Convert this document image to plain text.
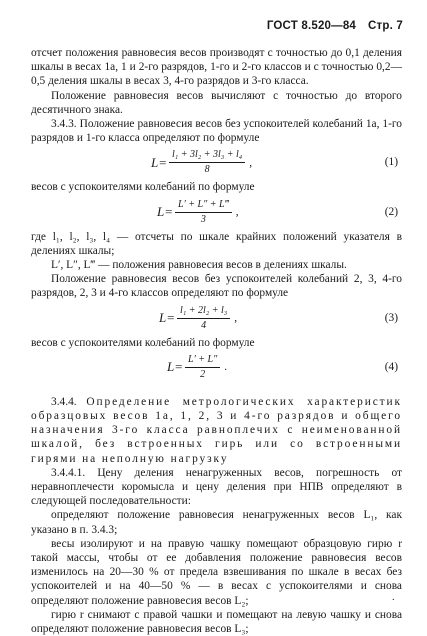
ГОСТ 8.520—84 Стр. 7

отсчет положения равновесия весов производят с точностью до 0,1 деления шкалы в весах 1а, 1 и 2-го разрядов, 1-го и 2-го классов и с точностью 0,2—0,5 деления шкалы в весах 3, 4-го разрядов и 3-го класса.

Положение равновесия весов вычисляют с точностью до второго десятичного знака.

3.4.3. Положение равновесия весов без успокоителей колебаний 1а, 1-го разрядов и 1-го класса определяют по формуле

$L= \frac{\text{l₁ + 3l₂ + 3l₃ + l₄}}{8}$ ,	(1)

весов с успокоителями колебаний по формуле

$L= \frac{L' + L'' + L‴}{3}$ ,	(2)

где l₁, l₂, l₃, l₄ — отсчеты по шкале крайних положений указателя в делениях шкалы;

L′, L″, L‴ — положения равновесия весов в делениях шкалы.

Положение равновесия весов без успокоителей колебаний 2, 3, 4-го разрядов, 2, 3 и 4-го классов определяют по формуле

$L= \frac{\text{l₁ + 2l₂ + l₃}}{4}$ ,	(3)

весов с успокоителями колебаний по формуле

$L= \frac{L' + L''}{2}$ .	(4)

3.4.4. Определение метрологических характеристик образцовых весов 1а, 1, 2, 3 и 4-го разрядов и общего назначения 3-го класса равноплечих с неименованной шкалой, без встроенных гирь или со встроенными гирями на неполную нагрузку

3.4.4.1. Цену деления ненагруженных весов, погрешность от неравноплечести коромысла и цену деления при НПВ определяют в следующей последовательности:

определяют положение равновесия ненагруженных весов L₁, как указано в п. 3.4.3;

весы изолируют и на правую чашку помещают образцовую гирю r такой массы, чтобы от ее добавления положение равновесия весов изменилось на 20—30 % от предела взвешивания по шкале в весах без успокоителей и на 40—50 % — в весах с успокоителями и снова определяют положение равновесия весов L₂;

гирю r снимают с правой чашки и помещают на левую чашку и снова определяют положение равновесия весов L₃;

·
